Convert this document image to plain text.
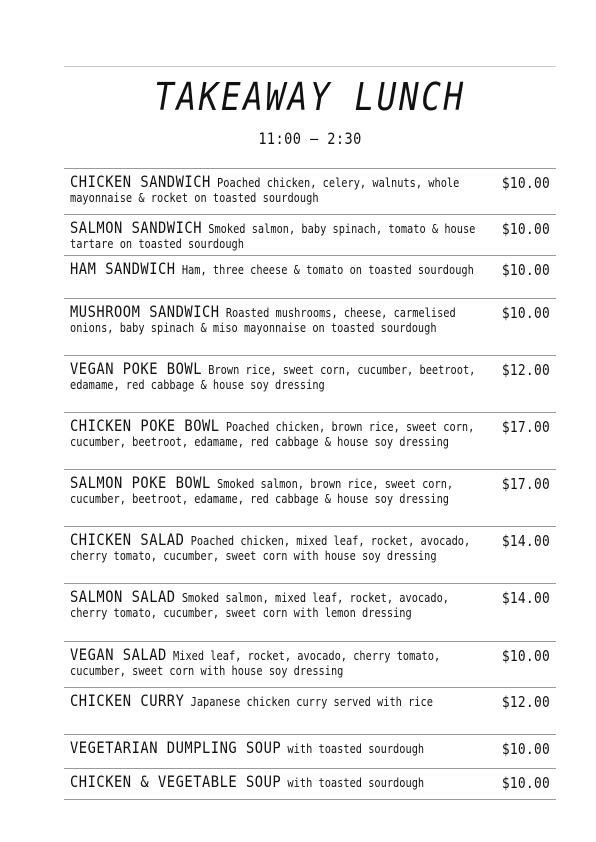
TAKEAWAY LUNCH
11:00 – 2:30
CHICKEN SANDWICH Poached chicken, celery, walnuts, whole mayonnaise & rocket on toasted sourdough
$10.00
SALMON SANDWICH Smoked salmon, baby spinach, tomato & house tartare on toasted sourdough
$10.00
HAM SANDWICH Ham, three cheese & tomato on toasted sourdough	$10.00
MUSHROOM SANDWICH Roasted mushrooms, cheese, carmelised onions, baby spinach & miso mayonnaise on toasted sourdough
$10.00
VEGAN POKE BOWL Brown rice, sweet corn, cucumber, beetroot, edamame, red cabbage & house soy dressing
$12.00
CHICKEN POKE BOWL Poached chicken, brown rice, sweet corn, cucumber, beetroot, edamame, red cabbage & house soy dressing
$17.00
SALMON POKE BOWL Smoked salmon, brown rice, sweet corn, cucumber, beetroot, edamame, red cabbage & house soy dressing
$17.00
CHICKEN SALAD Poached chicken, mixed leaf, rocket, avocado, cherry tomato, cucumber, sweet corn with house soy dressing
$14.00
SALMON SALAD Smoked salmon, mixed leaf, rocket, avocado, cherry tomato, cucumber, sweet corn with lemon dressing
$14.00
VEGAN SALAD Mixed leaf, rocket, avocado, cherry tomato, cucumber, sweet corn with house soy dressing
$10.00
CHICKEN CURRY Japanese chicken curry served with rice	$12.00
VEGETARIAN DUMPLING SOUP with toasted sourdough	$10.00
CHICKEN & VEGETABLE SOUP with toasted sourdough	$10.00
